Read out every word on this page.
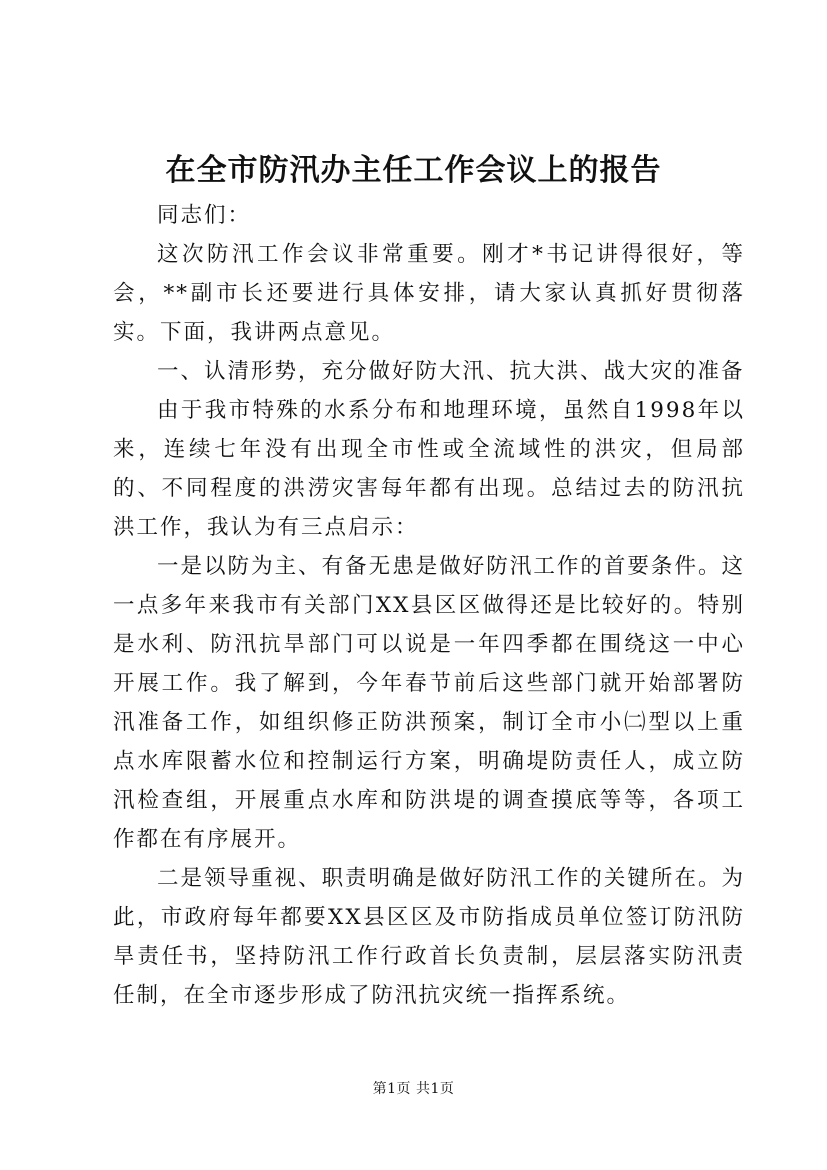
在全市防汛办主任工作会议上的报告

同志们：

这次防汛工作会议非常重要。刚才*书记讲得很好，等会，**副市长还要进行具体安排，请大家认真抓好贯彻落实。下面，我讲两点意见。

一、认清形势，充分做好防大汛、抗大洪、战大灾的准备

由于我市特殊的水系分布和地理环境，虽然自1998年以来，连续七年没有出现全市性或全流域性的洪灾，但局部的、不同程度的洪涝灾害每年都有出现。总结过去的防汛抗洪工作，我认为有三点启示：

一是以防为主、有备无患是做好防汛工作的首要条件。这一点多年来我市有关部门XX县区区做得还是比较好的。特别是水利、防汛抗旱部门可以说是一年四季都在围绕这一中心开展工作。我了解到，今年春节前后这些部门就开始部署防汛准备工作，如组织修正防洪预案，制订全市小㈡型以上重点水库限蓄水位和控制运行方案，明确堤防责任人，成立防汛检查组，开展重点水库和防洪堤的调查摸底等等，各项工作都在有序展开。

二是领导重视、职责明确是做好防汛工作的关键所在。为此，市政府每年都要XX县区区及市防指成员单位签订防汛防旱责任书，坚持防汛工作行政首长负责制，层层落实防汛责任制，在全市逐步形成了防汛抗灾统一指挥系统。

第1页 共1页
